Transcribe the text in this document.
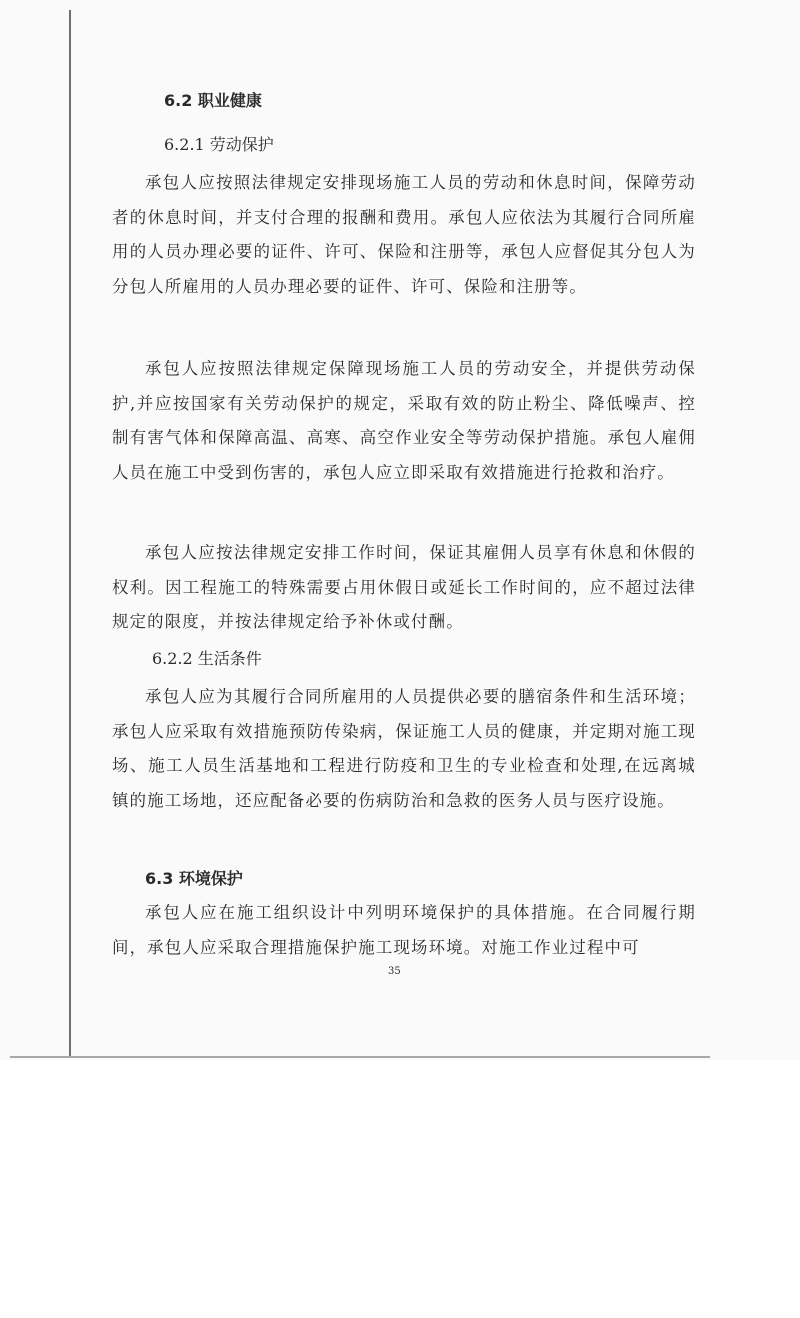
6.2 职业健康
6.2.1 劳动保护

承包人应按照法律规定安排现场施工人员的劳动和休息时间，保障劳动者的休息时间，并支付合理的报酬和费用。承包人应依法为其履行合同所雇用的人员办理必要的证件、许可、保险和注册等，承包人应督促其分包人为分包人所雇用的人员办理必要的证件、许可、保险和注册等。

承包人应按照法律规定保障现场施工人员的劳动安全，并提供劳动保护,并应按国家有关劳动保护的规定，采取有效的防止粉尘、降低噪声、控制有害气体和保障高温、高寒、高空作业安全等劳动保护措施。承包人雇佣人员在施工中受到伤害的，承包人应立即采取有效措施进行抢救和治疗。

承包人应按法律规定安排工作时间，保证其雇佣人员享有休息和休假的权利。因工程施工的特殊需要占用休假日或延长工作时间的，应不超过法律规定的限度，并按法律规定给予补休或付酬。

6.2.2 生活条件

承包人应为其履行合同所雇用的人员提供必要的膳宿条件和生活环境；承包人应采取有效措施预防传染病，保证施工人员的健康，并定期对施工现场、施工人员生活基地和工程进行防疫和卫生的专业检查和处理,在远离城镇的施工场地，还应配备必要的伤病防治和急救的医务人员与医疗设施。

6.3 环境保护

承包人应在施工组织设计中列明环境保护的具体措施。在合同履行期间，承包人应采取合理措施保护施工现场环境。对施工作业过程中可

35
